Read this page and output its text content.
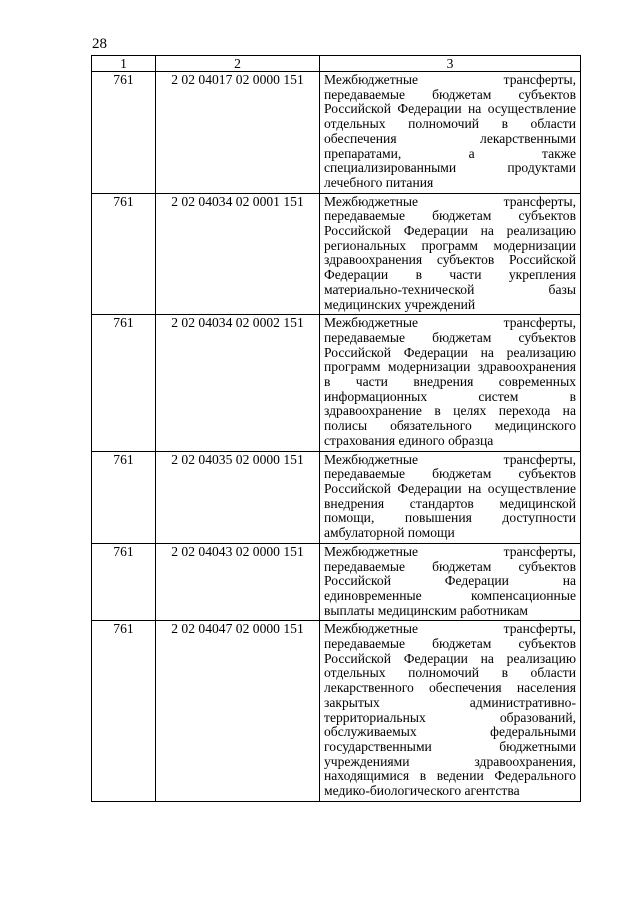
28
1	2	3
761	2 02 04017 02 0000 151	Межбюджетные трансферты, передаваемые бюджетам субъектов Российской Федерации на осуществление отдельных полномочий в области обеспечения лекарственными препаратами, а также специализированными продуктами лечебного питания
761	2 02 04034 02 0001 151	Межбюджетные трансферты, передаваемые бюджетам субъектов Российской Федерации на реализацию региональных программ модернизации здравоохранения субъектов Российской Федерации в части укрепления материально-технической базы медицинских учреждений
761	2 02 04034 02 0002 151	Межбюджетные трансферты, передаваемые бюджетам субъектов Российской Федерации на реализацию программ модернизации здравоохранения в части внедрения современных информационных систем в здравоохранение в целях перехода на полисы обязательного медицинского страхования единого образца
761	2 02 04035 02 0000 151	Межбюджетные трансферты, передаваемые бюджетам субъектов Российской Федерации на осуществление внедрения стандартов медицинской помощи, повышения доступности амбулаторной помощи
761	2 02 04043 02 0000 151	Межбюджетные трансферты, передаваемые бюджетам субъектов Российской Федерации на единовременные компенсационные выплаты медицинским работникам
761	2 02 04047 02 0000 151	Межбюджетные трансферты, передаваемые бюджетам субъектов Российской Федерации на реализацию отдельных полномочий в области лекарственного обеспечения населения закрытых административно-территориальных образований, обслуживаемых федеральными государственными бюджетными учреждениями здравоохранения, находящимися в ведении Федерального медико-биологического агентства
